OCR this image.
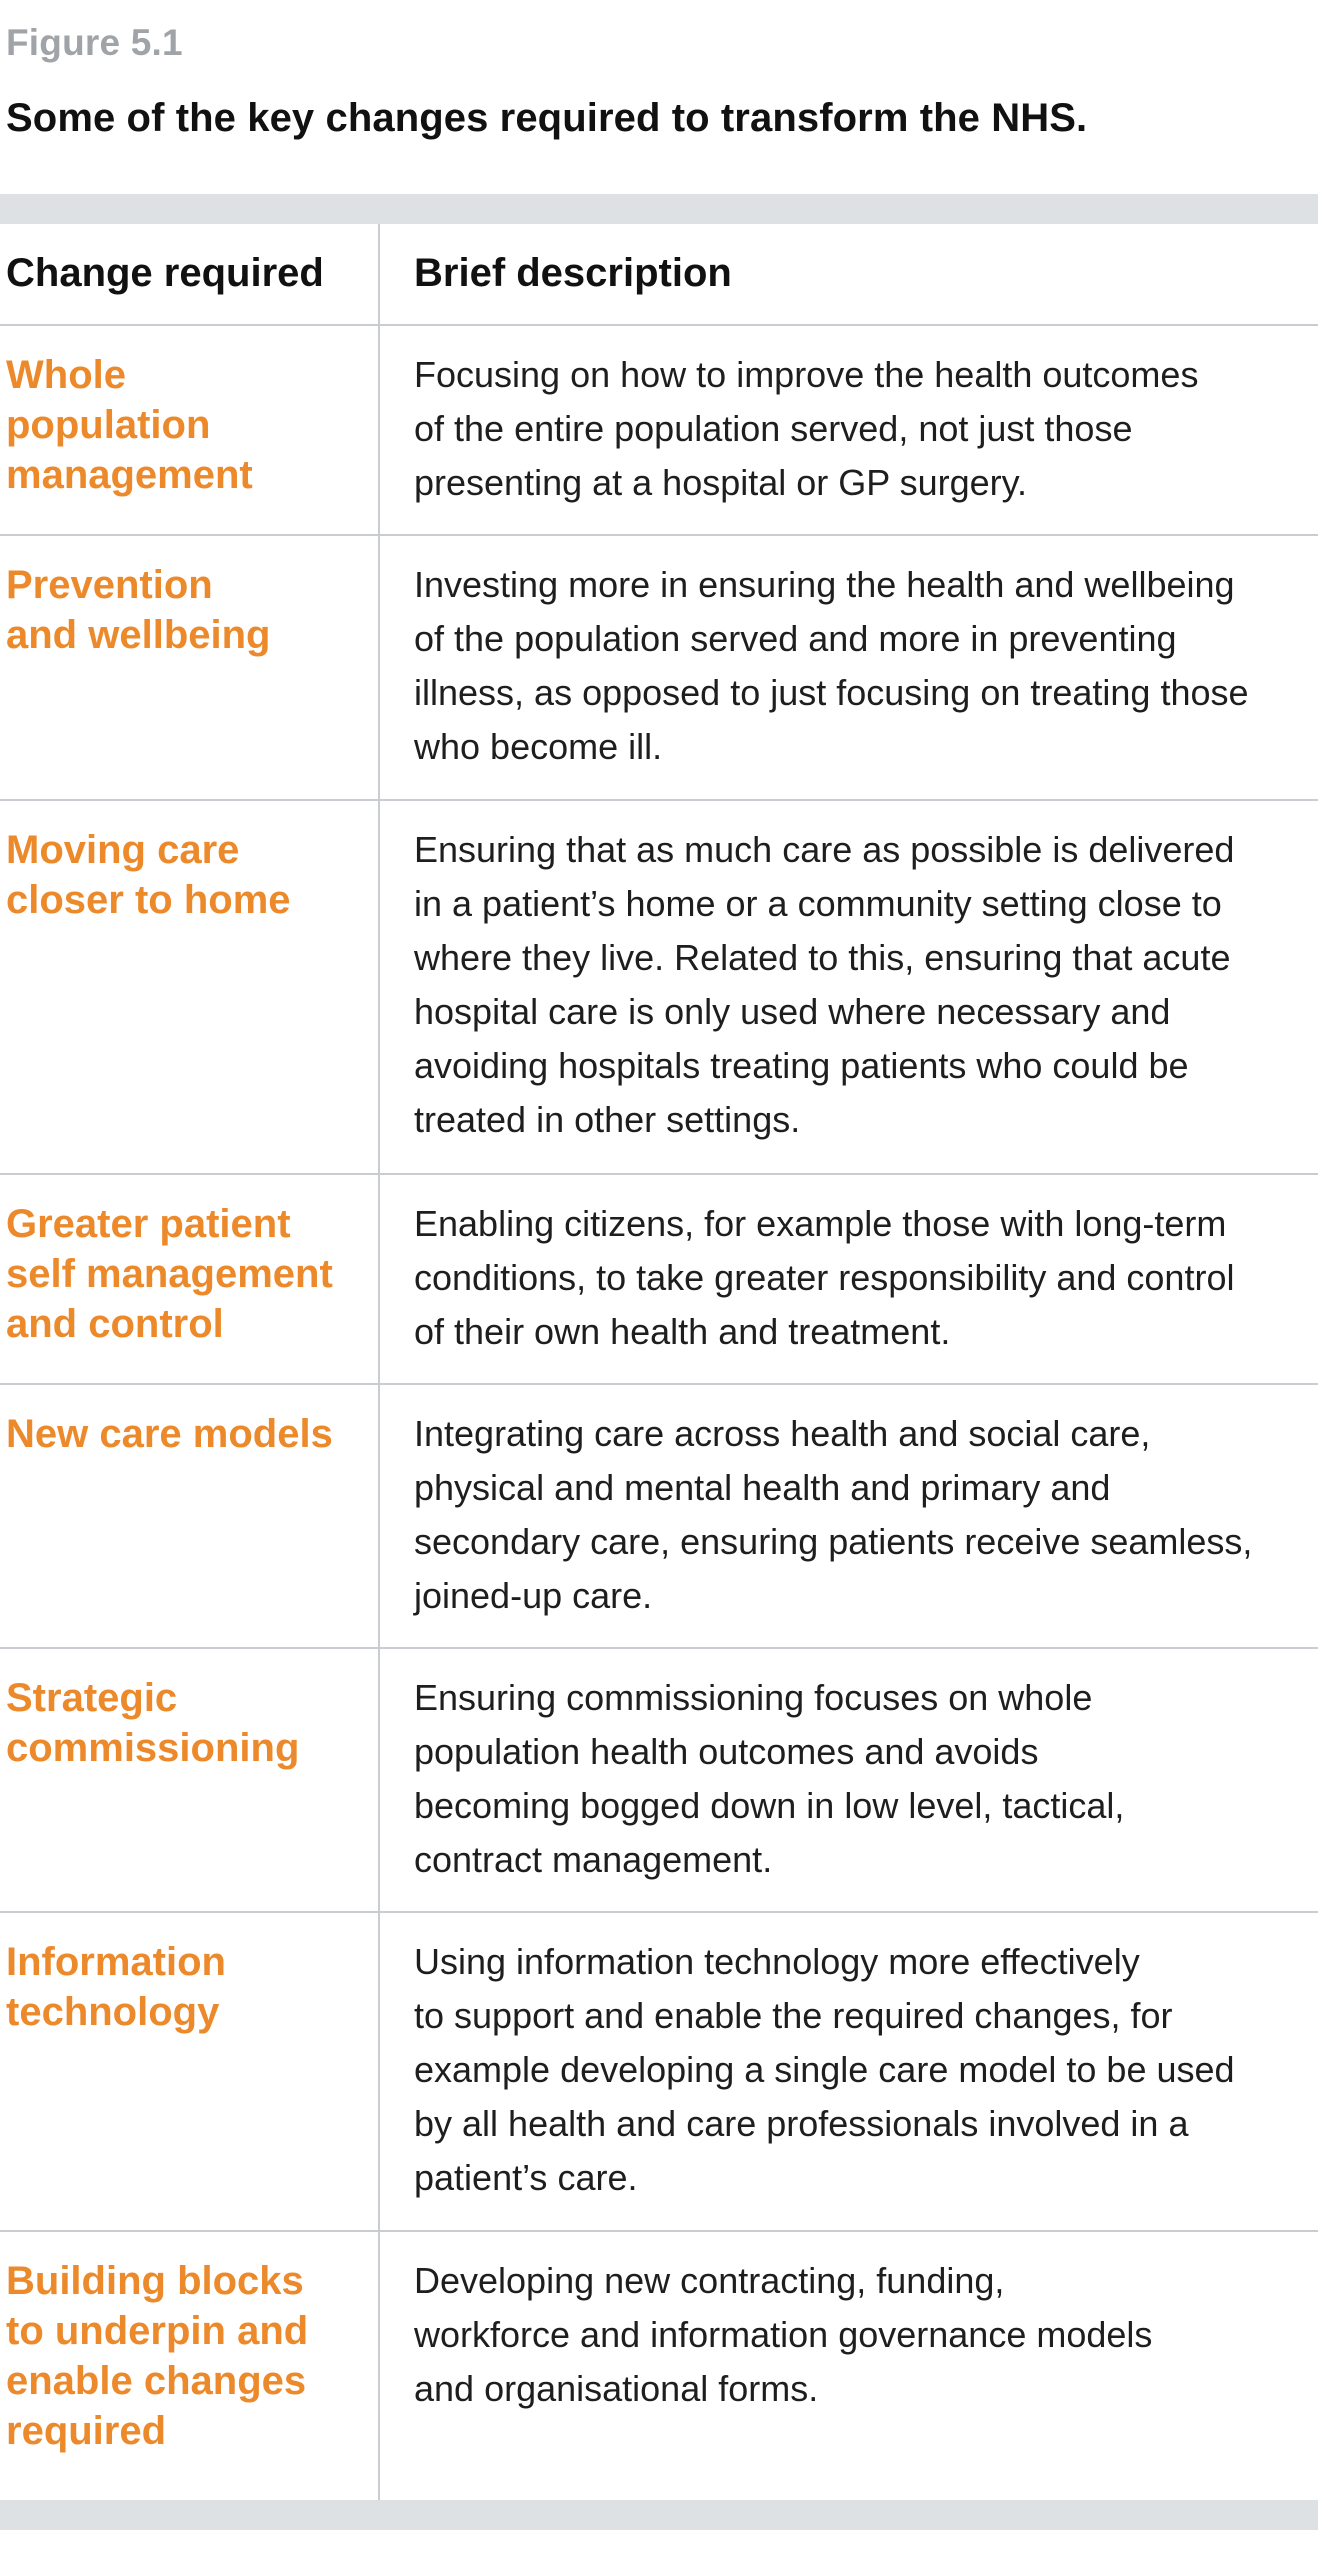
Figure 5.1
Some of the key changes required to transform the NHS.
Change required	Brief description
Whole
population
management
Focusing on how to improve the health outcomes
of the entire population served, not just those
presenting at a hospital or GP surgery.
Prevention
and wellbeing
Investing more in ensuring the health and wellbeing
of the population served and more in preventing
illness, as opposed to just focusing on treating those
who become ill.
Moving care
closer to home
Ensuring that as much care as possible is delivered
in a patient’s home or a community setting close to
where they live. Related to this, ensuring that acute
hospital care is only used where necessary and
avoiding hospitals treating patients who could be
treated in other settings.
Greater patient
self management
and control
Enabling citizens, for example those with long-term
conditions, to take greater responsibility and control
of their own health and treatment.
New care models	Integrating care across health and social care,
physical and mental health and primary and
secondary care, ensuring patients receive seamless,
joined-up care.
Strategic
commissioning
Ensuring commissioning focuses on whole
population health outcomes and avoids
becoming bogged down in low level, tactical,
contract management.
Information
technology
Using information technology more effectively
to support and enable the required changes, for
example developing a single care model to be used
by all health and care professionals involved in a
patient’s care.
Building blocks
to underpin and
enable changes
required
Developing new contracting, funding,
workforce and information governance models
and organisational forms.
